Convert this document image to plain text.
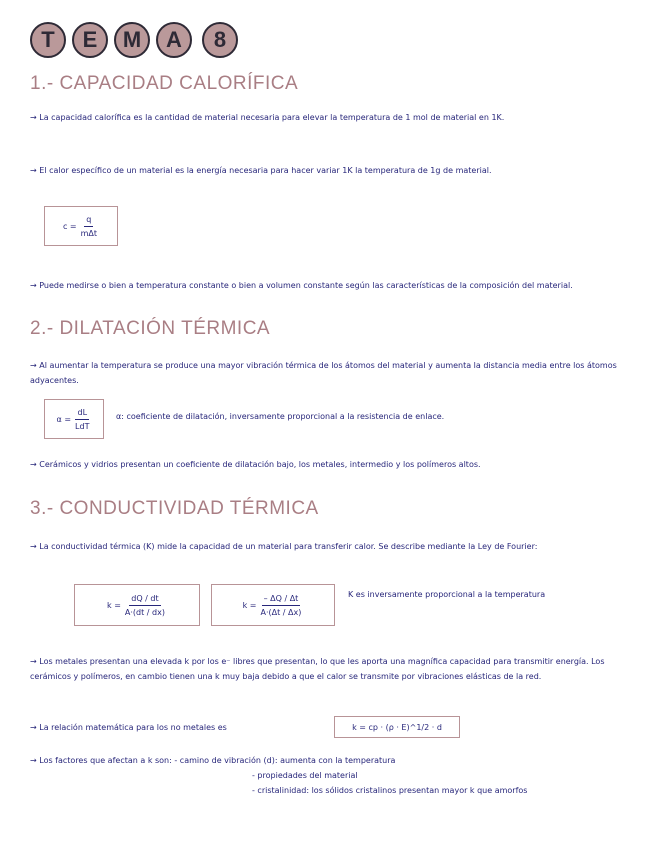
T	E	M	A	8
1.- CAPACIDAD CALORÍFICA
→ La capacidad calorífica es la cantidad de material necesaria para elevar la temperatura de 1 mol de material en 1K.
→ El calor específico de un material es la energía necesaria para hacer variar 1K la temperatura de 1g de material.
$c = \frac{q}{\text{mΔt}}$
→ Puede medirse o bien a temperatura constante o bien a volumen constante según las características de la composición del material.
2.- DILATACIÓN TÉRMICA
→ Al aumentar la temperatura se produce una mayor vibración térmica de los átomos del material y aumenta la distancia media entre los átomos adyacentes.
$\alpha = \frac{dL}{\text{LdT}}$	α: coeficiente de dilatación, inversamente proporcional a la resistencia de enlace.
→ Cerámicos y vidrios presentan un coeficiente de dilatación bajo, los metales, intermedio y los polímeros altos.
3.- CONDUCTIVIDAD TÉRMICA
→ La conductividad térmica (K) mide la capacidad de un material para transferir calor. Se describe mediante la Ley de Fourier:
$k = \frac{dQ / dt}{A\cdot(dt / dx)}$	$k = \frac{- \Delta Q / \Delta t}{A\cdot(\Delta t / \Delta x)}$	K es inversamente proporcional a la temperatura
→ Los metales presentan una elevada k por los e⁻ libres que presentan, lo que les aporta una magnífica capacidad para transmitir energía. Los cerámicos y polímeros, en cambio tienen una k muy baja debido a que el calor se transmite por vibraciones elásticas de la red.
→ La relación matemática para los no metales es	k = cp · (ρ · E)^1/2 · d
→ Los factores que afectan a k son: - camino de vibración (d): aumenta con la temperatura
- propiedades del material
- cristalinidad: los sólidos cristalinos presentan mayor k que amorfos
